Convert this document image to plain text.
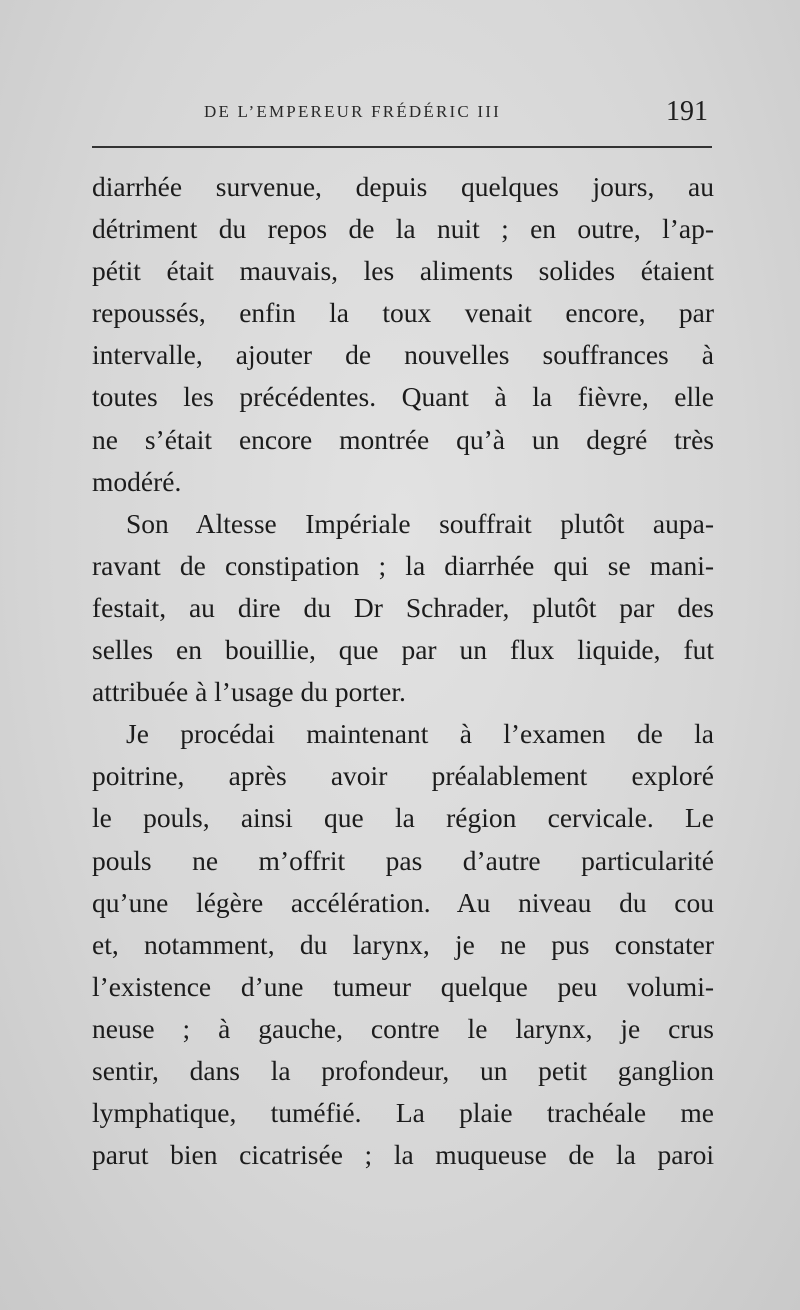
DE L’EMPEREUR FRÉDÉRIC III	191
diarrhée survenue, depuis quelques jours, au
détriment du repos de la nuit ; en outre, l’ap-
pétit était mauvais, les aliments solides étaient
repoussés, enfin la toux venait encore, par
intervalle, ajouter de nouvelles souffrances à
toutes les précédentes. Quant à la fièvre, elle
ne s’était encore montrée qu’à un degré très
modéré.
Son Altesse Impériale souffrait plutôt aupa-
ravant de constipation ; la diarrhée qui se mani-
festait, au dire du Dr Schrader, plutôt par des
selles en bouillie, que par un flux liquide, fut
attribuée à l’usage du porter.
Je procédai maintenant à l’examen de la
poitrine, après avoir préalablement exploré
le pouls, ainsi que la région cervicale. Le
pouls ne m’offrit pas d’autre particularité
qu’une légère accélération. Au niveau du cou
et, notamment, du larynx, je ne pus constater
l’existence d’une tumeur quelque peu volumi-
neuse ; à gauche, contre le larynx, je crus
sentir, dans la profondeur, un petit ganglion
lymphatique, tuméfié. La plaie trachéale me
parut bien cicatrisée ; la muqueuse de la paroi
